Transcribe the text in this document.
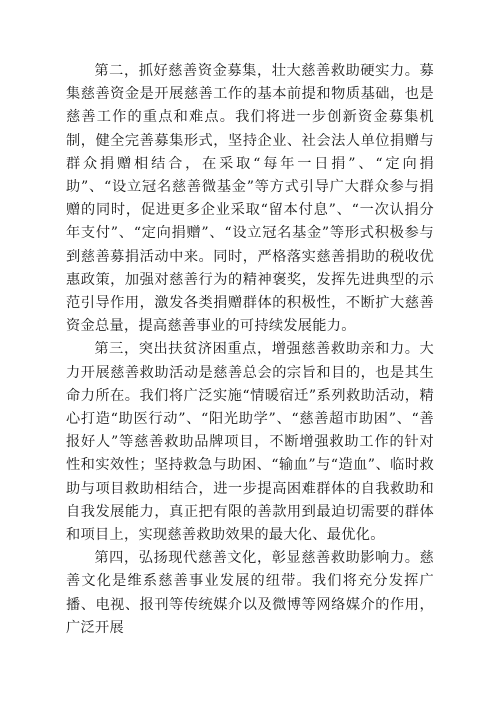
第二，抓好慈善资金募集，壮大慈善救助硬实力。募集慈善资金是开展慈善工作的基本前提和物质基础，也是慈善工作的重点和难点。我们将进一步创新资金募集机制，健全完善募集形式，坚持企业、社会法人单位捐赠与群众捐赠相结合，在采取“每年一日捐”、“定向捐助”、“设立冠名慈善微基金”等方式引导广大群众参与捐赠的同时，促进更多企业采取“留本付息”、“一次认捐分年支付”、“定向捐赠”、“设立冠名基金”等形式积极参与到慈善募捐活动中来。同时，严格落实慈善捐助的税收优惠政策，加强对慈善行为的精神褒奖，发挥先进典型的示范引导作用，激发各类捐赠群体的积极性，不断扩大慈善资金总量，提高慈善事业的可持续发展能力。

第三，突出扶贫济困重点，增强慈善救助亲和力。大力开展慈善救助活动是慈善总会的宗旨和目的，也是其生命力所在。我们将广泛实施“情暖宿迁”系列救助活动，精心打造“助医行动”、“阳光助学”、“慈善超市助困”、“善报好人”等慈善救助品牌项目，不断增强救助工作的针对性和实效性；坚持救急与助困、“输血”与“造血”、临时救助与项目救助相结合，进一步提高困难群体的自我救助和自我发展能力，真正把有限的善款用到最迫切需要的群体和项目上，实现慈善救助效果的最大化、最优化。

第四，弘扬现代慈善文化，彰显慈善救助影响力。慈善文化是维系慈善事业发展的纽带。我们将充分发挥广播、电视、报刊等传统媒介以及微博等网络媒介的作用，广泛开展
